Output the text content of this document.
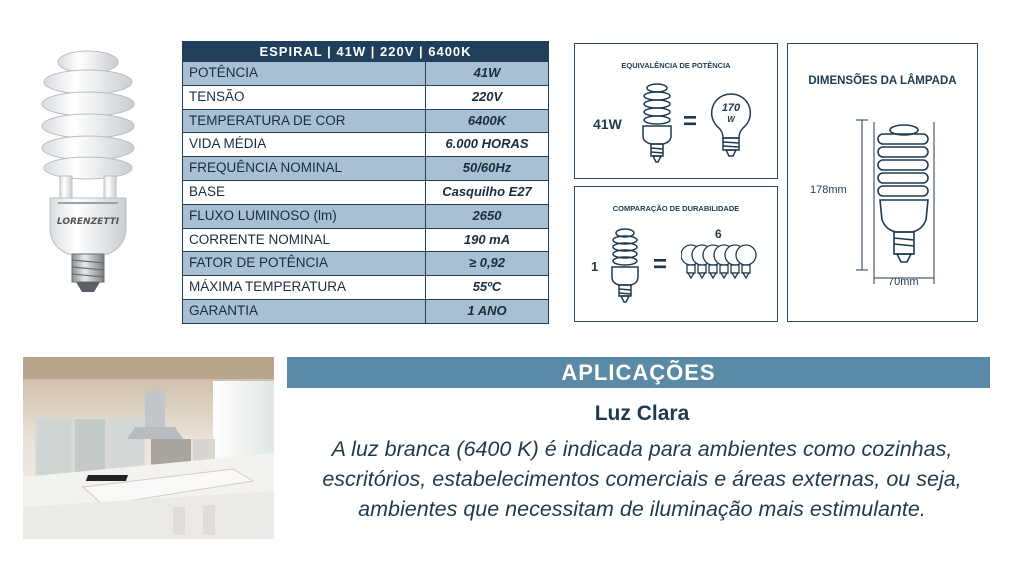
LORENZETTI
ESPIRAL | 41W | 220V | 6400K
POTÊNCIA	41W
TENSÃO	220V
TEMPERATURA DE COR	6400K
VIDA MÉDIA	6.000 HORAS
FREQUÊNCIA NOMINAL	50/60Hz
BASE	Casquilho E27
FLUXO LUMINOSO (lm)	2650
CORRENTE NOMINAL	190 mA
FATOR DE POTÊNCIA	≥ 0,92
MÁXIMA TEMPERATURA	55ºC
GARANTIA	1 ANO
EQUIVALÊNCIA DE POTÊNCIA
41W	=	170
W
COMPARAÇÃO DE DURABILIDADE
1 =
6
DIMENSÕES DA LÂMPADA
178mm
70mm
APLICAÇÕES
Luz Clara
A luz branca (6400 K) é indicada para ambientes como cozinhas,
escritórios, estabelecimentos comerciais e áreas externas, ou seja,
ambientes que necessitam de iluminação mais estimulante.
